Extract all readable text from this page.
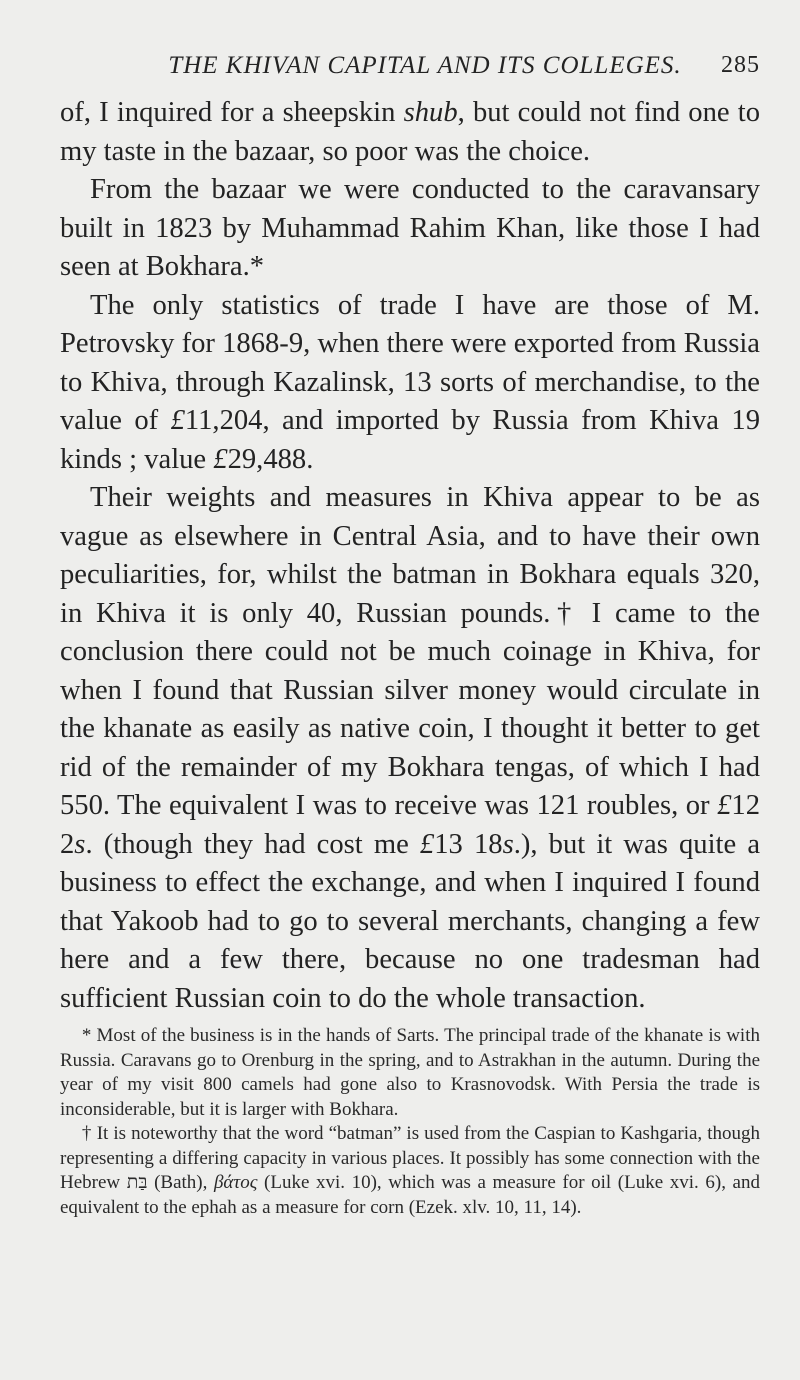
THE KHIVAN CAPITAL AND ITS COLLEGES. 285

of, I inquired for a sheepskin shub, but could not find one to my taste in the bazaar, so poor was the choice.

From the bazaar we were conducted to the caravansary built in 1823 by Muhammad Rahim Khan, like those I had seen at Bokhara.*

The only statistics of trade I have are those of M. Petrovsky for 1868-9, when there were exported from Russia to Khiva, through Kazalinsk, 13 sorts of merchandise, to the value of £11,204, and imported by Russia from Khiva 19 kinds ; value £29,488.

Their weights and measures in Khiva appear to be as vague as elsewhere in Central Asia, and to have their own peculiarities, for, whilst the batman in Bokhara equals 320, in Khiva it is only 40, Russian pounds.† I came to the conclusion there could not be much coinage in Khiva, for when I found that Russian silver money would circulate in the khanate as easily as native coin, I thought it better to get rid of the remainder of my Bokhara tengas, of which I had 550. The equivalent I was to receive was 121 roubles, or £12 2s. (though they had cost me £13 18s.), but it was quite a business to effect the exchange, and when I inquired I found that Yakoob had to go to several merchants, changing a few here and a few there, because no one tradesman had sufficient Russian coin to do the whole transaction.

* Most of the business is in the hands of Sarts. The principal trade of the khanate is with Russia. Caravans go to Orenburg in the spring, and to Astrakhan in the autumn. During the year of my visit 800 camels had gone also to Krasnovodsk. With Persia the trade is inconsiderable, but it is larger with Bokhara.

† It is noteworthy that the word “batman” is used from the Caspian to Kashgaria, though representing a differing capacity in various places. It possibly has some connection with the Hebrew בַּת (Bath), βάτος (Luke xvi. 10), which was a measure for oil (Luke xvi. 6), and equivalent to the ephah as a measure for corn (Ezek. xlv. 10, 11, 14).
